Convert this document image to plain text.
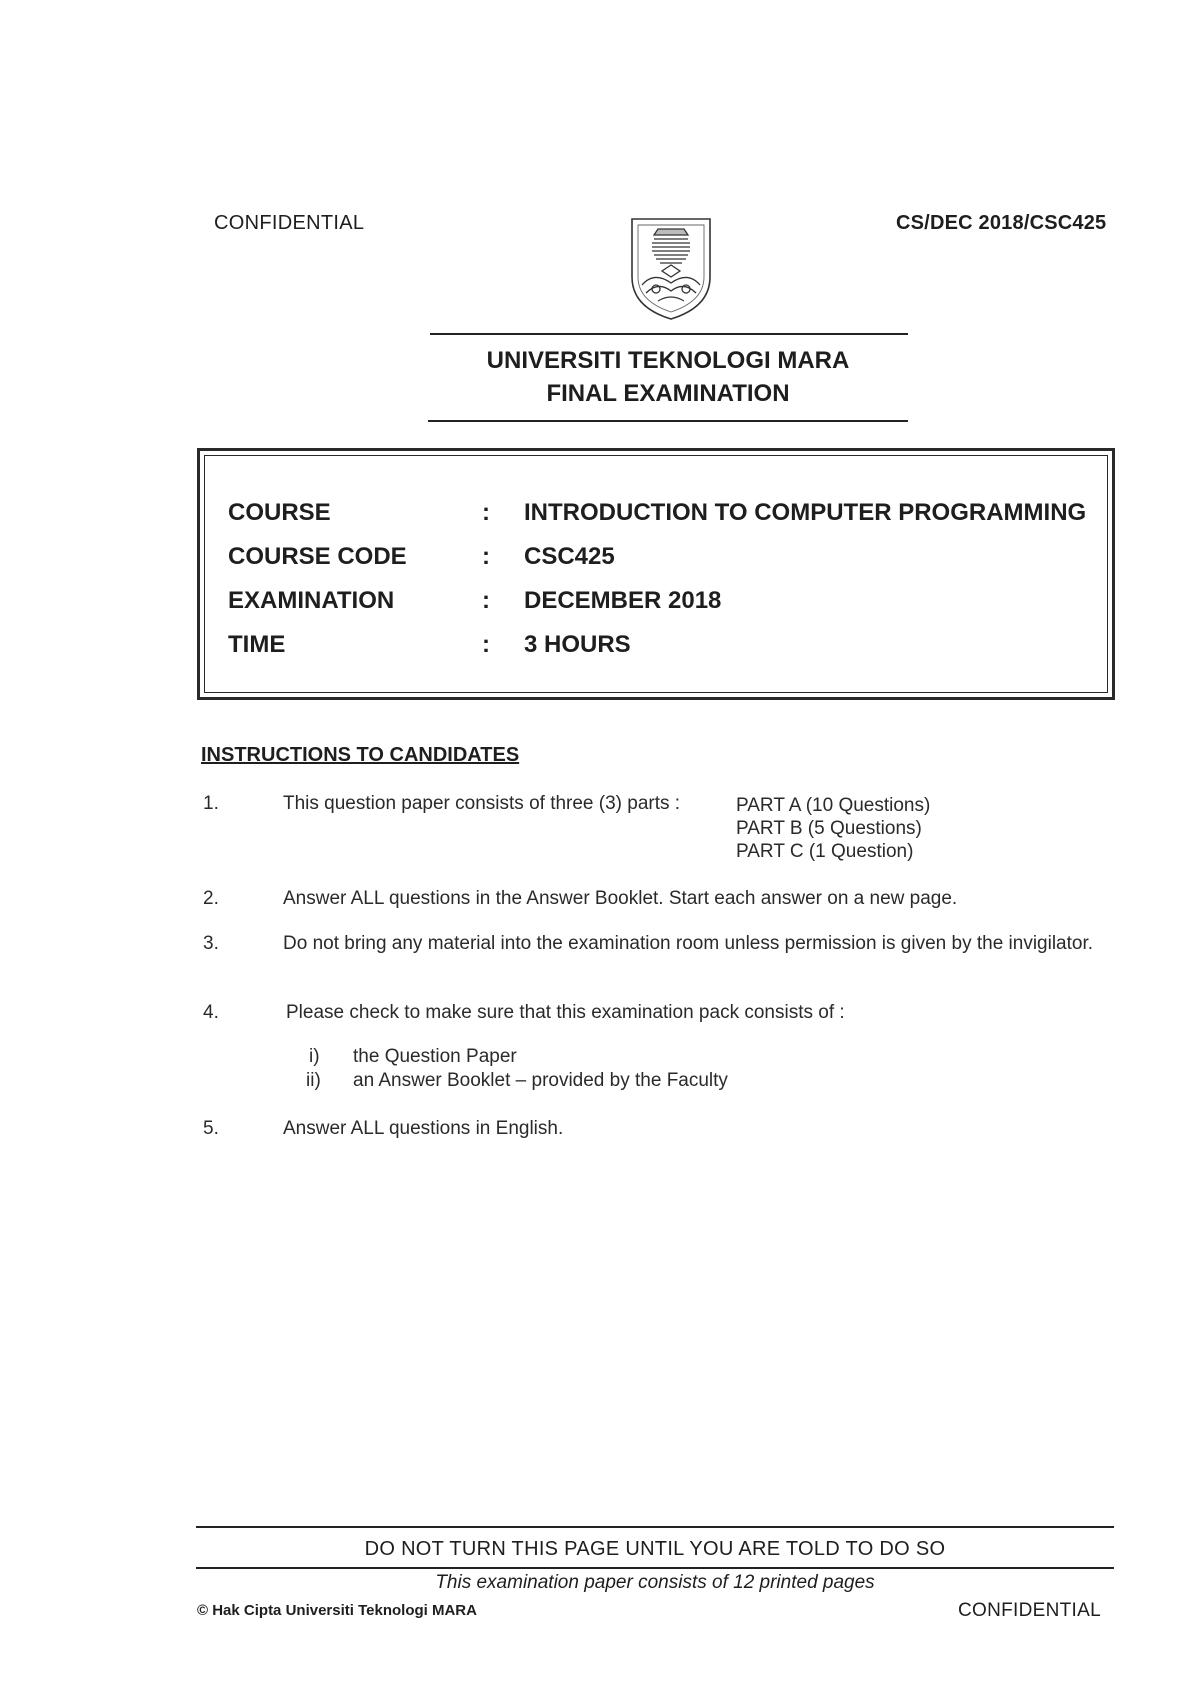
CONFIDENTIAL	CS/DEC 2018/CSC425
UNIVERSITI TEKNOLOGI MARA
FINAL EXAMINATION
COURSE	: INTRODUCTION TO COMPUTER PROGRAMMING
COURSE CODE	: CSC425
EXAMINATION	: DECEMBER 2018
TIME	: 3 HOURS
INSTRUCTIONS TO CANDIDATES
1.	This question paper consists of three (3) parts :	PART A (10 Questions)
PART B (5 Questions)
PART C (1 Question)
2.	Answer ALL questions in the Answer Booklet. Start each answer on a new page.
3.	Do not bring any material into the examination room unless permission is given by the invigilator.
4.	Please check to make sure that this examination pack consists of :
i) the Question Paper
ii) an Answer Booklet – provided by the Faculty
5.	Answer ALL questions in English.
DO NOT TURN THIS PAGE UNTIL YOU ARE TOLD TO DO SO
This examination paper consists of 12 printed pages
© Hak Cipta Universiti Teknologi MARA	CONFIDENTIAL
